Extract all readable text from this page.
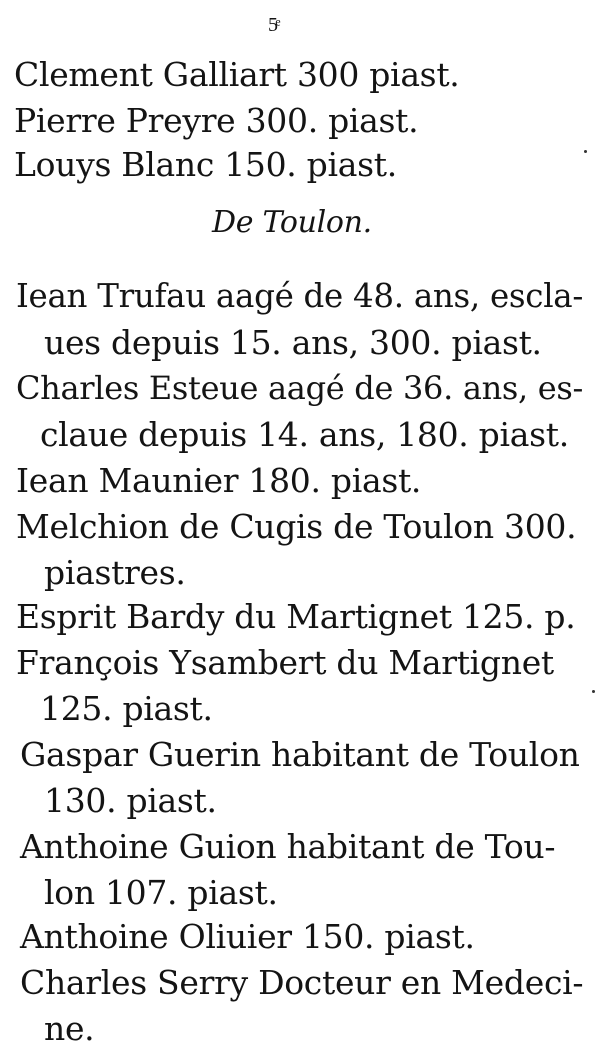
5ͤ
Clement Galliart 300 piast.
Pierre Preyre 300. piast.
Louys Blanc 150. piast.
De Toulon.
Iean Trufau aagé de 48. ans, escla-
ues depuis 15. ans, 300. piast.
Charles Esteue aagé de 36. ans, es-
claue depuis 14. ans, 180. piast.
Iean Maunier 180. piast.
Melchion de Cugis de Toulon 300.
piastres.
Esprit Bardy du Martignet 125. p.
François Ysambert du Martignet
125. piast.
Gaspar Guerin habitant de Toulon
130. piast.
Anthoine Guion habitant de Tou-
lon 107. piast.
Anthoine Oliuier 150. piast.
Charles Serry Docteur en Medeci-
ne.
